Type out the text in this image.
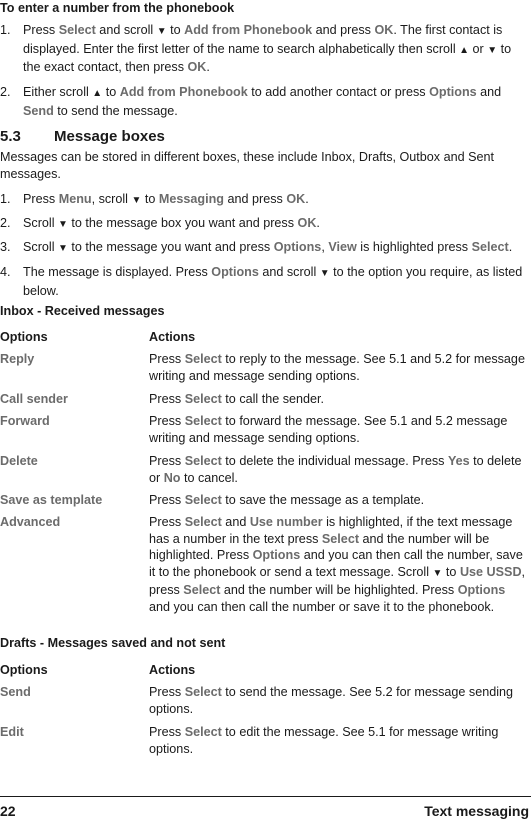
To enter a number from the phonebook
1. Press Select and scroll ▼ to Add from Phonebook and press OK. The first contact is displayed. Enter the first letter of the name to search alphabetically then scroll ▲ or ▼ to the exact contact, then press OK.
2. Either scroll ▲ to Add from Phonebook to add another contact or press Options and Send to send the message.
5.3 Message boxes
Messages can be stored in different boxes, these include Inbox, Drafts, Outbox and Sent messages.
1. Press Menu, scroll ▼ to Messaging and press OK.
2. Scroll ▼ to the message box you want and press OK.
3. Scroll ▼ to the message you want and press Options, View is highlighted press Select.
4. The message is displayed. Press Options and scroll ▼ to the option you require, as listed below.
Inbox - Received messages
Options	Actions
Reply	Press Select to reply to the message. See 5.1 and 5.2 for message writing and message sending options.
Call sender	Press Select to call the sender.
Forward	Press Select to forward the message. See 5.1 and 5.2 message writing and message sending options.
Delete	Press Select to delete the individual message. Press Yes to delete or No to cancel.
Save as template	Press Select to save the message as a template.
Advanced	Press Select and Use number is highlighted, if the text message has a number in the text press Select and the number will be highlighted. Press Options and you can then call the number, save it to the phonebook or send a text message. Scroll ▼ to Use USSD, press Select and the number will be highlighted. Press Options and you can then call the number or save it to the phonebook.
Drafts - Messages saved and not sent
Options	Actions
Send	Press Select to send the message. See 5.2 for message sending options.
Edit	Press Select to edit the message. See 5.1 for message writing options.
22	Text messaging
